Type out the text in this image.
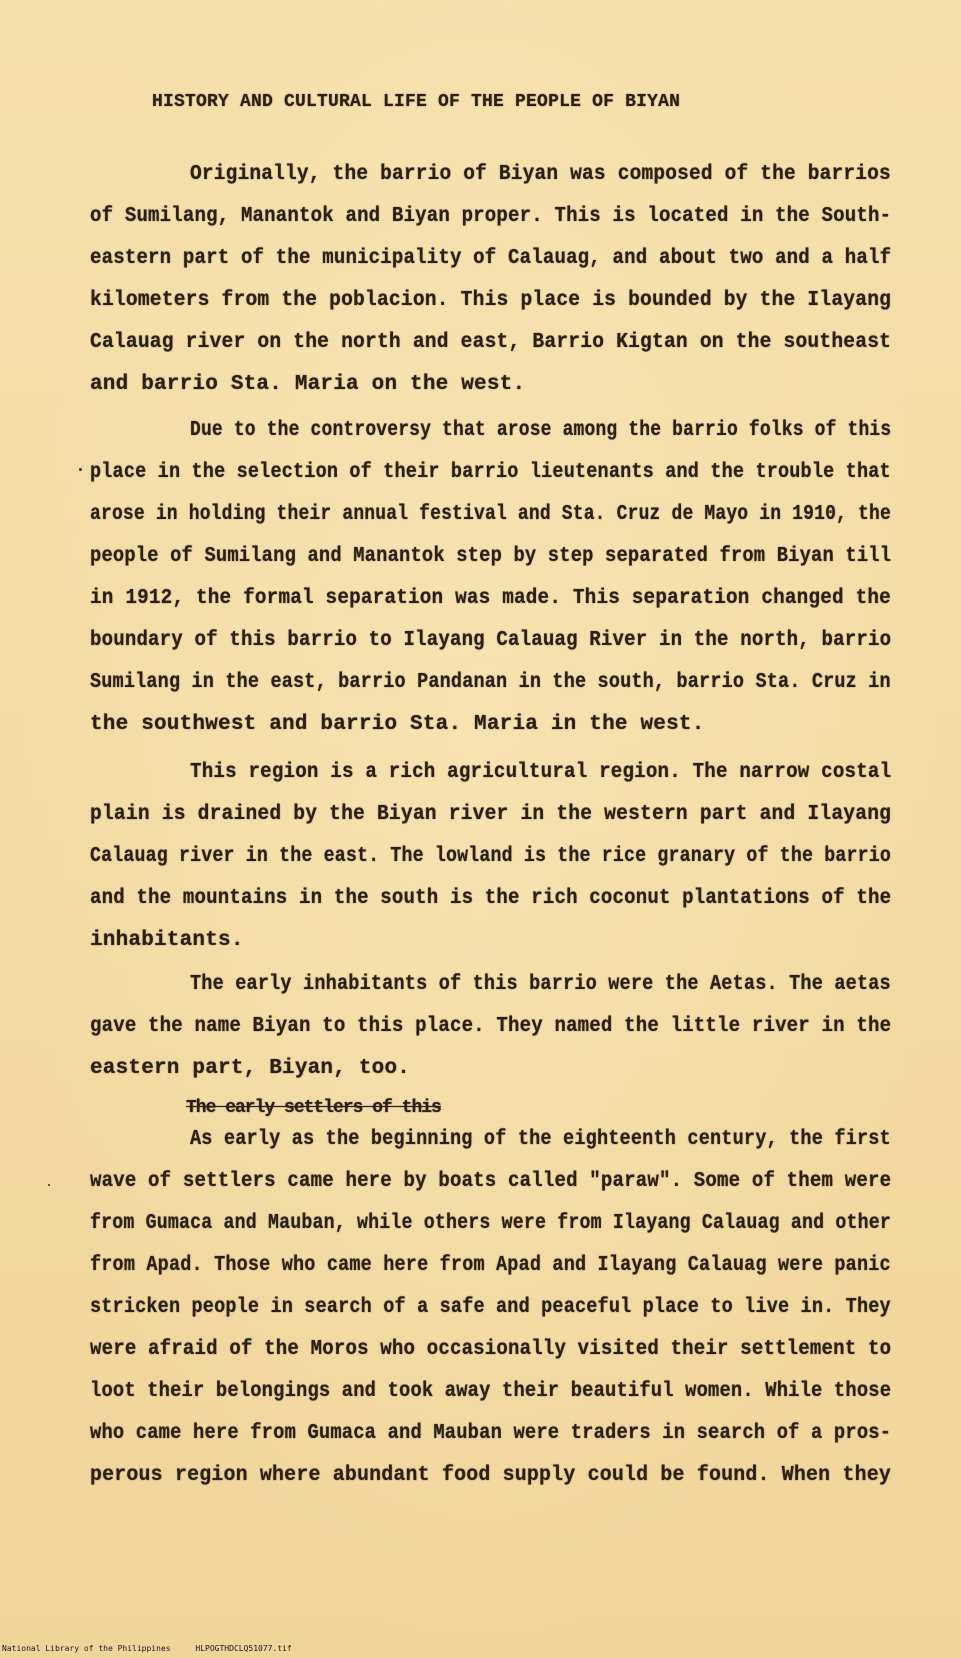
HISTORY AND CULTURAL LIFE OF THE PEOPLE OF BIYAN
Originally, the barrio of Biyan was composed of the barrios
of Sumilang, Manantok and Biyan proper. This is located in the South-
eastern part of the municipality of Calauag, and about two and a half
kilometers from the poblacion. This place is bounded by the Ilayang
Calauag river on the north and east, Barrio Kigtan on the southeast
and barrio Sta. Maria on the west.
Due to the controversy that arose among the barrio folks of this
place in the selection of their barrio lieutenants and the trouble that
arose in holding their annual festival and Sta. Cruz de Mayo in 1910, the
people of Sumilang and Manantok step by step separated from Biyan till
in 1912, the formal separation was made. This separation changed the
boundary of this barrio to Ilayang Calauag River in the north, barrio
Sumilang in the east, barrio Pandanan in the south, barrio Sta. Cruz in
the southwest and barrio Sta. Maria in the west.
This region is a rich agricultural region. The narrow costal
plain is drained by the Biyan river in the western part and Ilayang
Calauag river in the east. The lowland is the rice granary of the barrio
and the mountains in the south is the rich coconut plantations of the
inhabitants.
The early inhabitants of this barrio were the Aetas. The aetas
gave the name Biyan to this place. They named the little river in the
eastern part, Biyan, too.
The early settlers of this
As early as the beginning of the eighteenth century, the first
wave of settlers came here by boats called "paraw". Some of them were
from Gumaca and Mauban, while others were from Ilayang Calauag and other
from Apad. Those who came here from Apad and Ilayang Calauag were panic
stricken people in search of a safe and peaceful place to live in. They
were afraid of the Moros who occasionally visited their settlement to
loot their belongings and took away their beautiful women. While those
who came here from Gumaca and Mauban were traders in search of a pros-
perous region where abundant food supply could be found. When they
National Library of the Philippines	HLPOGTHDCLQ51077.tif
